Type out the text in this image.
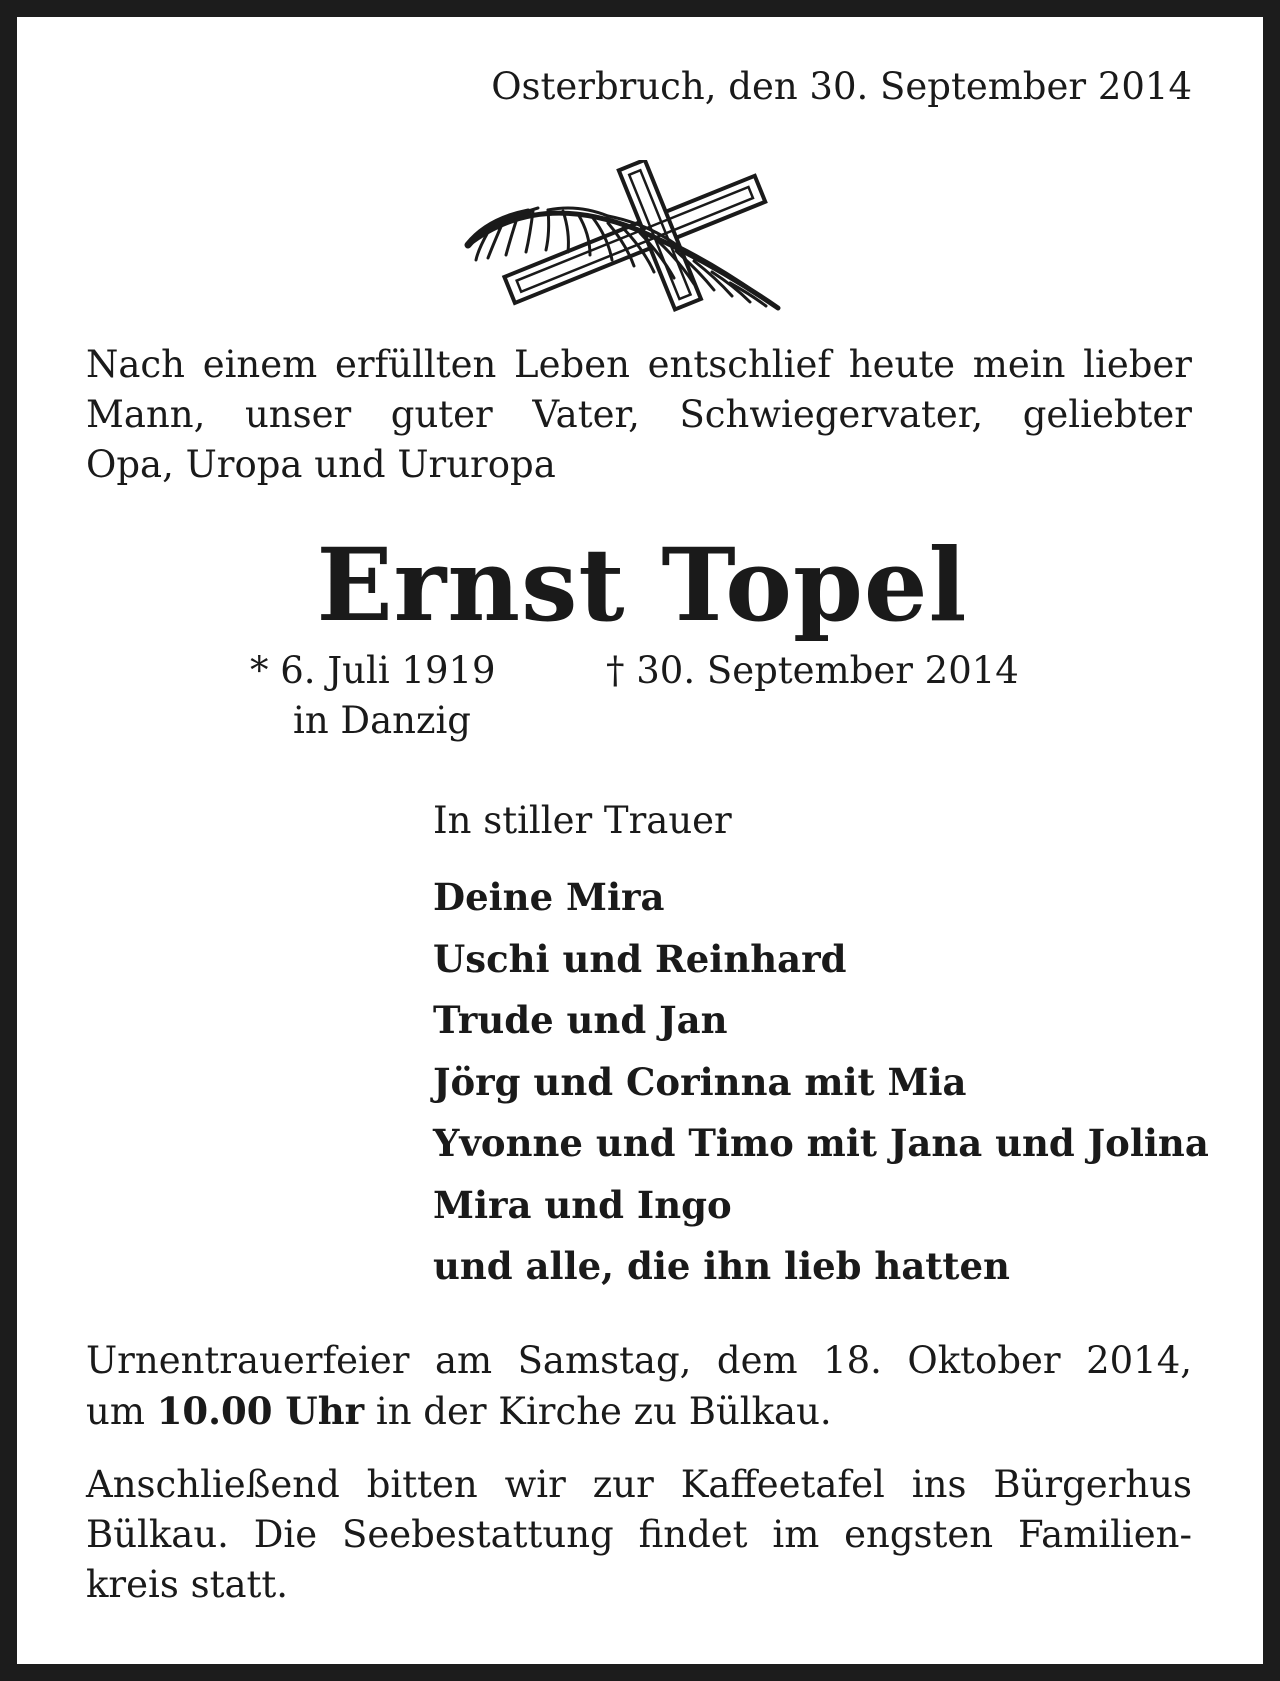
Osterbruch, den 30. September 2014
Nach einem erfüllten Leben entschlief heute mein lieber
Mann, unser guter Vater, Schwiegervater, geliebter
Opa, Uropa und Ururopa
Ernst Topel
* 6. Juli 1919
in Danzig
† 30. September 2014
In stiller Trauer
Deine Mira
Uschi und Reinhard
Trude und Jan
Jörg und Corinna mit Mia
Yvonne und Timo mit Jana und Jolina
Mira und Ingo
und alle, die ihn lieb hatten
Urnentrauerfeier am Samstag, dem 18. Oktober 2014,
um 10.00 Uhr in der Kirche zu Bülkau.
Anschließend bitten wir zur Kaffeetafel ins Bürgerhus
Bülkau. Die Seebestattung findet im engsten Familien-
kreis statt.
